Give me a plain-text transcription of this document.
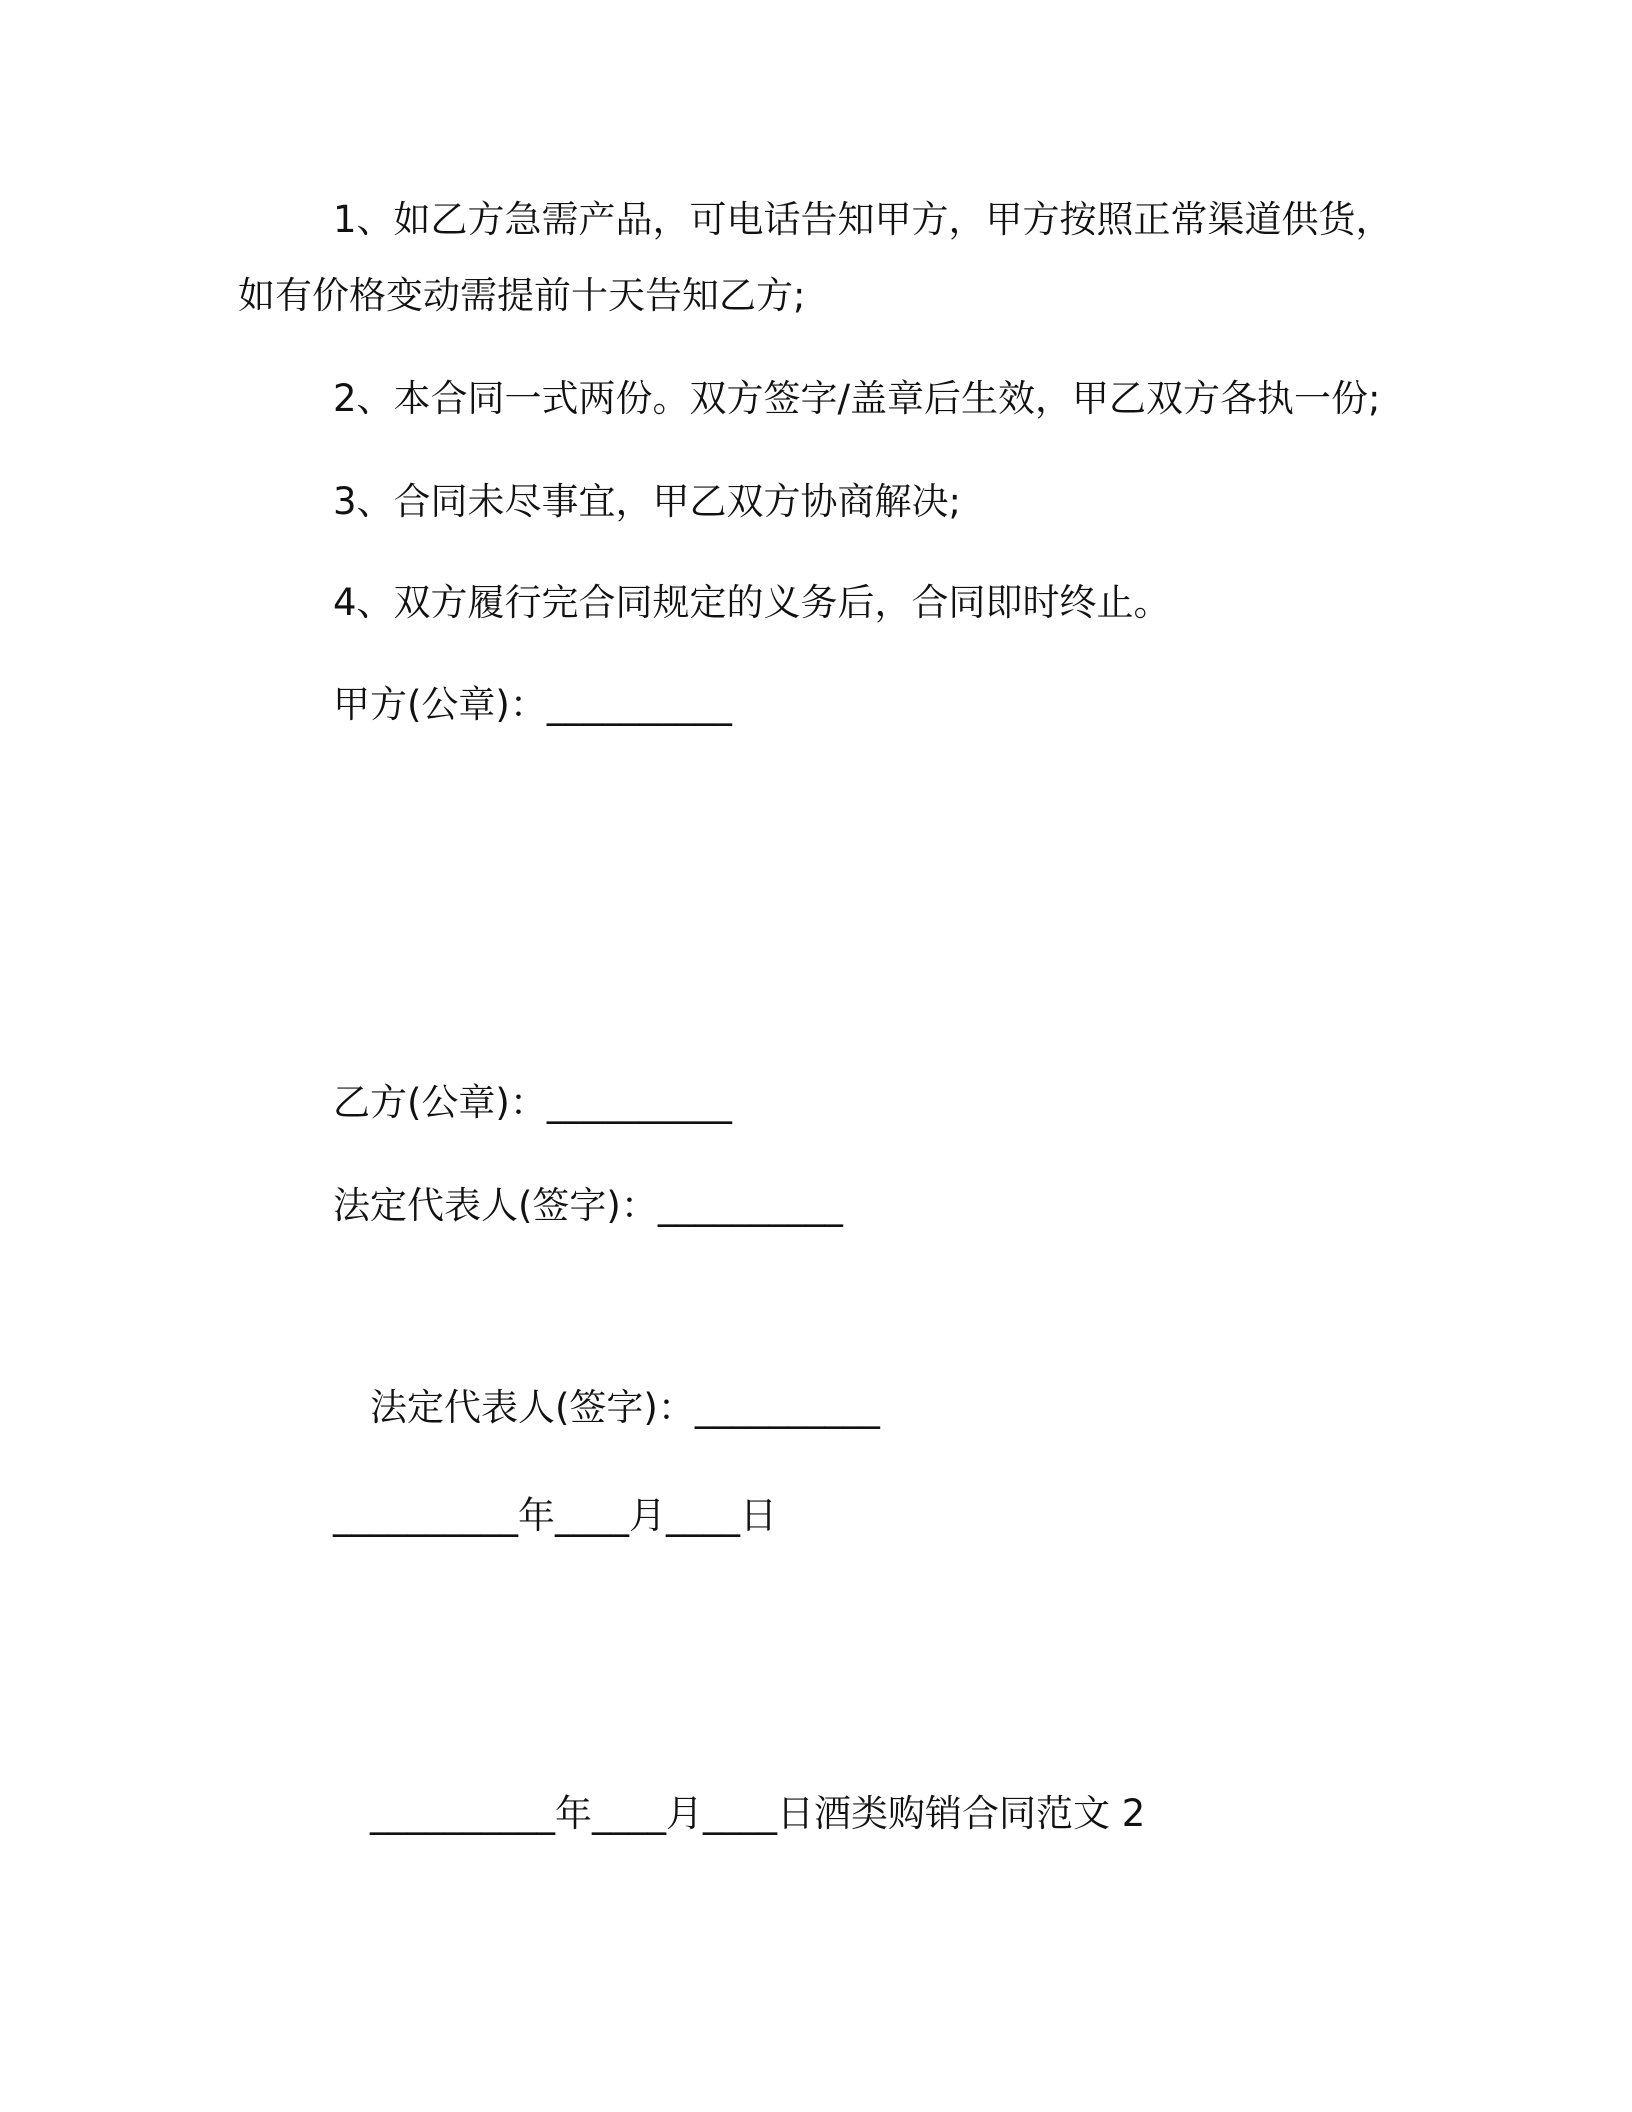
1、如乙方急需产品，可电话告知甲方，甲方按照正常渠道供货，
如有价格变动需提前十天告知乙方;
2、本合同一式两份。双方签字/盖章后生效，甲乙双方各执一份;
3、合同未尽事宜，甲乙双方协商解决;
4、双方履行完合同规定的义务后，合同即时终止。
甲方(公章)：__________
乙方(公章)：__________
法定代表人(签字)：__________
法定代表人(签字)：__________
__________年____月____日
__________年____月____日酒类购销合同范文 2
